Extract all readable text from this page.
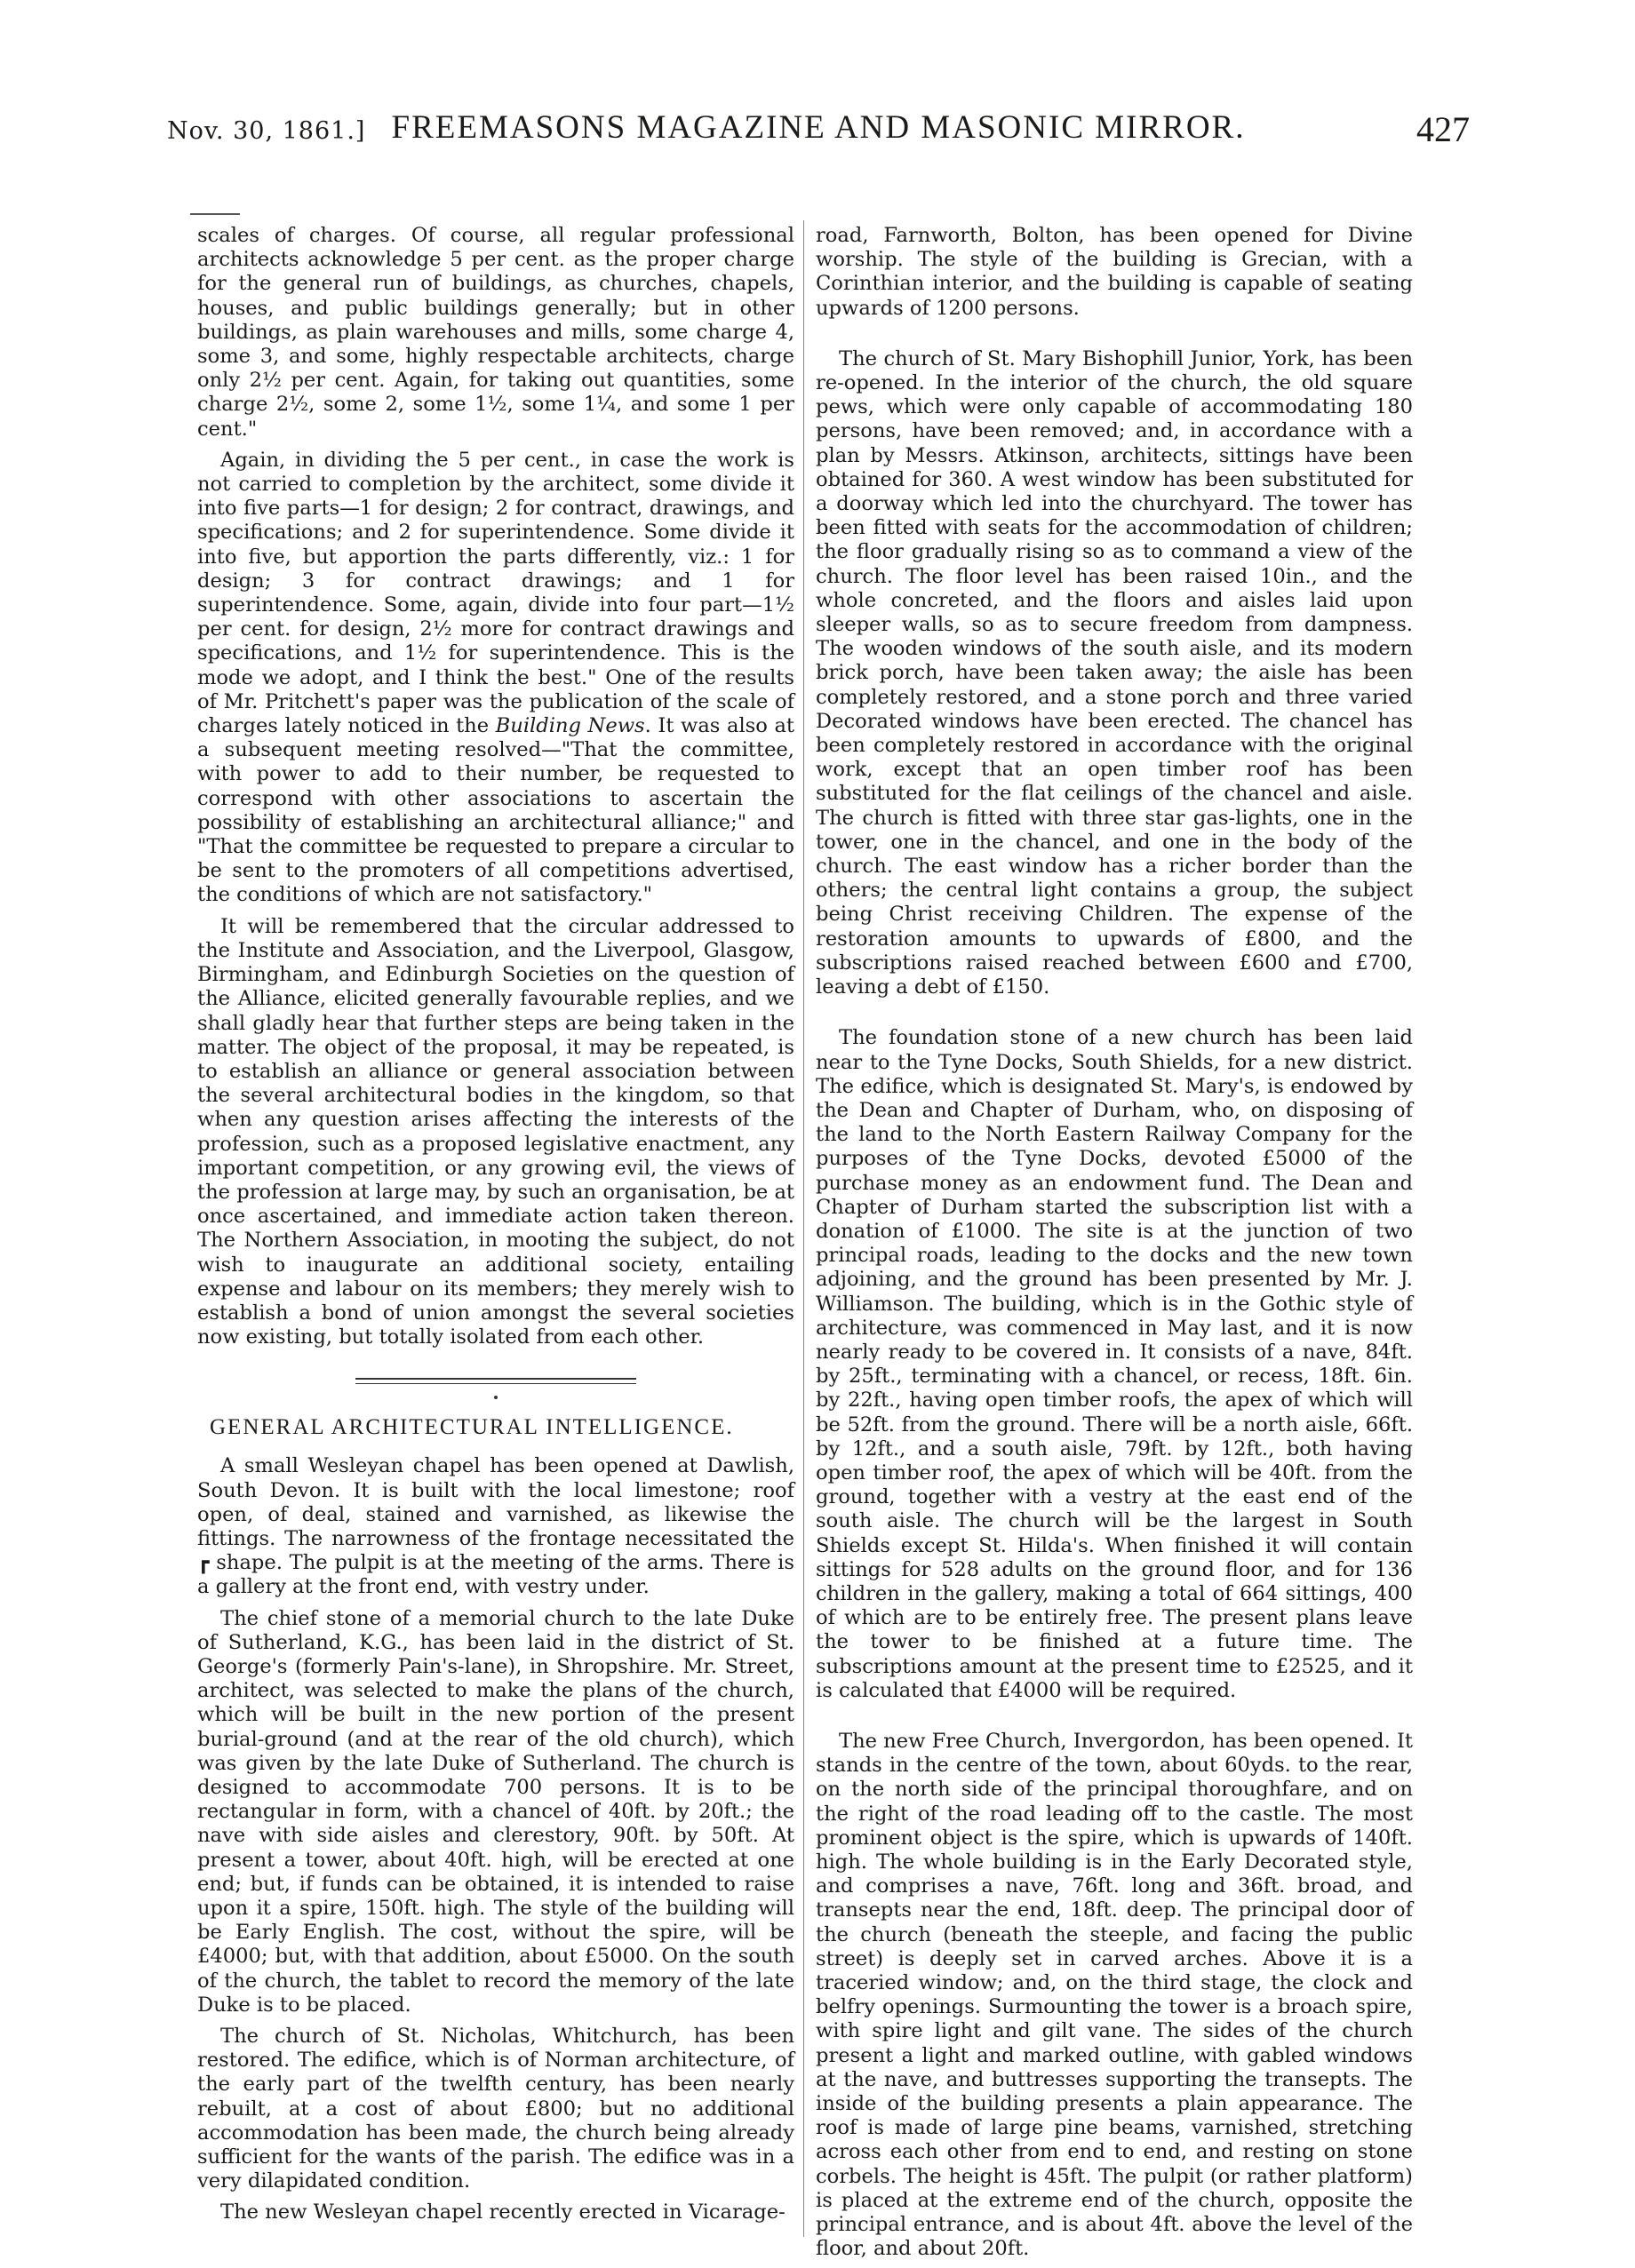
Nov. 30, 1861.] FREEMASONS MAGAZINE AND MASONIC MIRROR.	427

scales of charges. Of course, all regular professional architects acknowledge 5 per cent. as the proper charge for the general run of buildings, as churches, chapels, houses, and public buildings generally; but in other buildings, as plain warehouses and mills, some charge 4, some 3, and some, highly respectable architects, charge only 2½ per cent. Again, for taking out quantities, some charge 2½, some 2, some 1½, some 1¼, and some 1 per cent."

Again, in dividing the 5 per cent., in case the work is not carried to completion by the architect, some divide it into five parts—1 for design; 2 for contract, drawings, and specifications; and 2 for superintendence. Some divide it into five, but apportion the parts differently, viz.: 1 for design; 3 for contract drawings; and 1 for superintendence. Some, again, divide into four part—1½ per cent. for design, 2½ more for contract drawings and specifications, and 1½ for superintendence. This is the mode we adopt, and I think the best." One of the results of Mr. Pritchett's paper was the publication of the scale of charges lately noticed in the Building News. It was also at a subsequent meeting resolved—"That the committee, with power to add to their number, be requested to correspond with other associations to ascertain the possibility of establishing an architectural alliance;" and "That the committee be requested to prepare a circular to be sent to the promoters of all competitions advertised, the conditions of which are not satisfactory."

It will be remembered that the circular addressed to the Institute and Association, and the Liverpool, Glasgow, Birmingham, and Edinburgh Societies on the question of the Alliance, elicited generally favourable replies, and we shall gladly hear that further steps are being taken in the matter. The object of the proposal, it may be repeated, is to establish an alliance or general association between the several architectural bodies in the kingdom, so that when any question arises affecting the interests of the profession, such as a proposed legislative enactment, any important competition, or any growing evil, the views of the profession at large may, by such an organisation, be at once ascertained, and immediate action taken thereon. The Northern Association, in mooting the subject, do not wish to inaugurate an additional society, entailing expense and labour on its members; they merely wish to establish a bond of union amongst the several societies now existing, but totally isolated from each other.

GENERAL ARCHITECTURAL INTELLIGENCE.

A small Wesleyan chapel has been opened at Dawlish, South Devon. It is built with the local limestone; roof open, of deal, stained and varnished, as likewise the fittings. The narrowness of the frontage necessitated the ┏ shape. The pulpit is at the meeting of the arms. There is a gallery at the front end, with vestry under.

The chief stone of a memorial church to the late Duke of Sutherland, K.G., has been laid in the district of St. George's (formerly Pain's-lane), in Shropshire. Mr. Street, architect, was selected to make the plans of the church, which will be built in the new portion of the present burial-ground (and at the rear of the old church), which was given by the late Duke of Sutherland. The church is designed to accommodate 700 persons. It is to be rectangular in form, with a chancel of 40ft. by 20ft.; the nave with side aisles and clerestory, 90ft. by 50ft. At present a tower, about 40ft. high, will be erected at one end; but, if funds can be obtained, it is intended to raise upon it a spire, 150ft. high. The style of the building will be Early English. The cost, without the spire, will be £4000; but, with that addition, about £5000. On the south of the church, the tablet to record the memory of the late Duke is to be placed.

The church of St. Nicholas, Whitchurch, has been restored. The edifice, which is of Norman architecture, of the early part of the twelfth century, has been nearly rebuilt, at a cost of about £800; but no additional accommodation has been made, the church being already sufficient for the wants of the parish. The edifice was in a very dilapidated condition.

The new Wesleyan chapel recently erected in Vicarage-

road, Farnworth, Bolton, has been opened for Divine worship. The style of the building is Grecian, with a Corinthian interior, and the building is capable of seating upwards of 1200 persons.

The church of St. Mary Bishophill Junior, York, has been re-opened. In the interior of the church, the old square pews, which were only capable of accommodating 180 persons, have been removed; and, in accordance with a plan by Messrs. Atkinson, architects, sittings have been obtained for 360. A west window has been substituted for a doorway which led into the churchyard. The tower has been fitted with seats for the accommodation of children; the floor gradually rising so as to command a view of the church. The floor level has been raised 10in., and the whole concreted, and the floors and aisles laid upon sleeper walls, so as to secure freedom from dampness. The wooden windows of the south aisle, and its modern brick porch, have been taken away; the aisle has been completely restored, and a stone porch and three varied Decorated windows have been erected. The chancel has been completely restored in accordance with the original work, except that an open timber roof has been substituted for the flat ceilings of the chancel and aisle. The church is fitted with three star gas-lights, one in the tower, one in the chancel, and one in the body of the church. The east window has a richer border than the others; the central light contains a group, the subject being Christ receiving Children. The expense of the restoration amounts to upwards of £800, and the subscriptions raised reached between £600 and £700, leaving a debt of £150.

The foundation stone of a new church has been laid near to the Tyne Docks, South Shields, for a new district. The edifice, which is designated St. Mary's, is endowed by the Dean and Chapter of Durham, who, on disposing of the land to the North Eastern Railway Company for the purposes of the Tyne Docks, devoted £5000 of the purchase money as an endowment fund. The Dean and Chapter of Durham started the subscription list with a donation of £1000. The site is at the junction of two principal roads, leading to the docks and the new town adjoining, and the ground has been presented by Mr. J. Williamson. The building, which is in the Gothic style of architecture, was commenced in May last, and it is now nearly ready to be covered in. It consists of a nave, 84ft. by 25ft., terminating with a chancel, or recess, 18ft. 6in. by 22ft., having open timber roofs, the apex of which will be 52ft. from the ground. There will be a north aisle, 66ft. by 12ft., and a south aisle, 79ft. by 12ft., both having open timber roof, the apex of which will be 40ft. from the ground, together with a vestry at the east end of the south aisle. The church will be the largest in South Shields except St. Hilda's. When finished it will contain sittings for 528 adults on the ground floor, and for 136 children in the gallery, making a total of 664 sittings, 400 of which are to be entirely free. The present plans leave the tower to be finished at a future time. The subscriptions amount at the present time to £2525, and it is calculated that £4000 will be required.

The new Free Church, Invergordon, has been opened. It stands in the centre of the town, about 60yds. to the rear, on the north side of the principal thoroughfare, and on the right of the road leading off to the castle. The most prominent object is the spire, which is upwards of 140ft. high. The whole building is in the Early Decorated style, and comprises a nave, 76ft. long and 36ft. broad, and transepts near the end, 18ft. deep. The principal door of the church (beneath the steeple, and facing the public street) is deeply set in carved arches. Above it is a traceried window; and, on the third stage, the clock and belfry openings. Surmounting the tower is a broach spire, with spire light and gilt vane. The sides of the church present a light and marked outline, with gabled windows at the nave, and buttresses supporting the transepts. The inside of the building presents a plain appearance. The roof is made of large pine beams, varnished, stretching across each other from end to end, and resting on stone corbels. The height is 45ft. The pulpit (or rather platform) is placed at the extreme end of the church, opposite the principal entrance, and is about 4ft. above the level of the floor, and about 20ft.
